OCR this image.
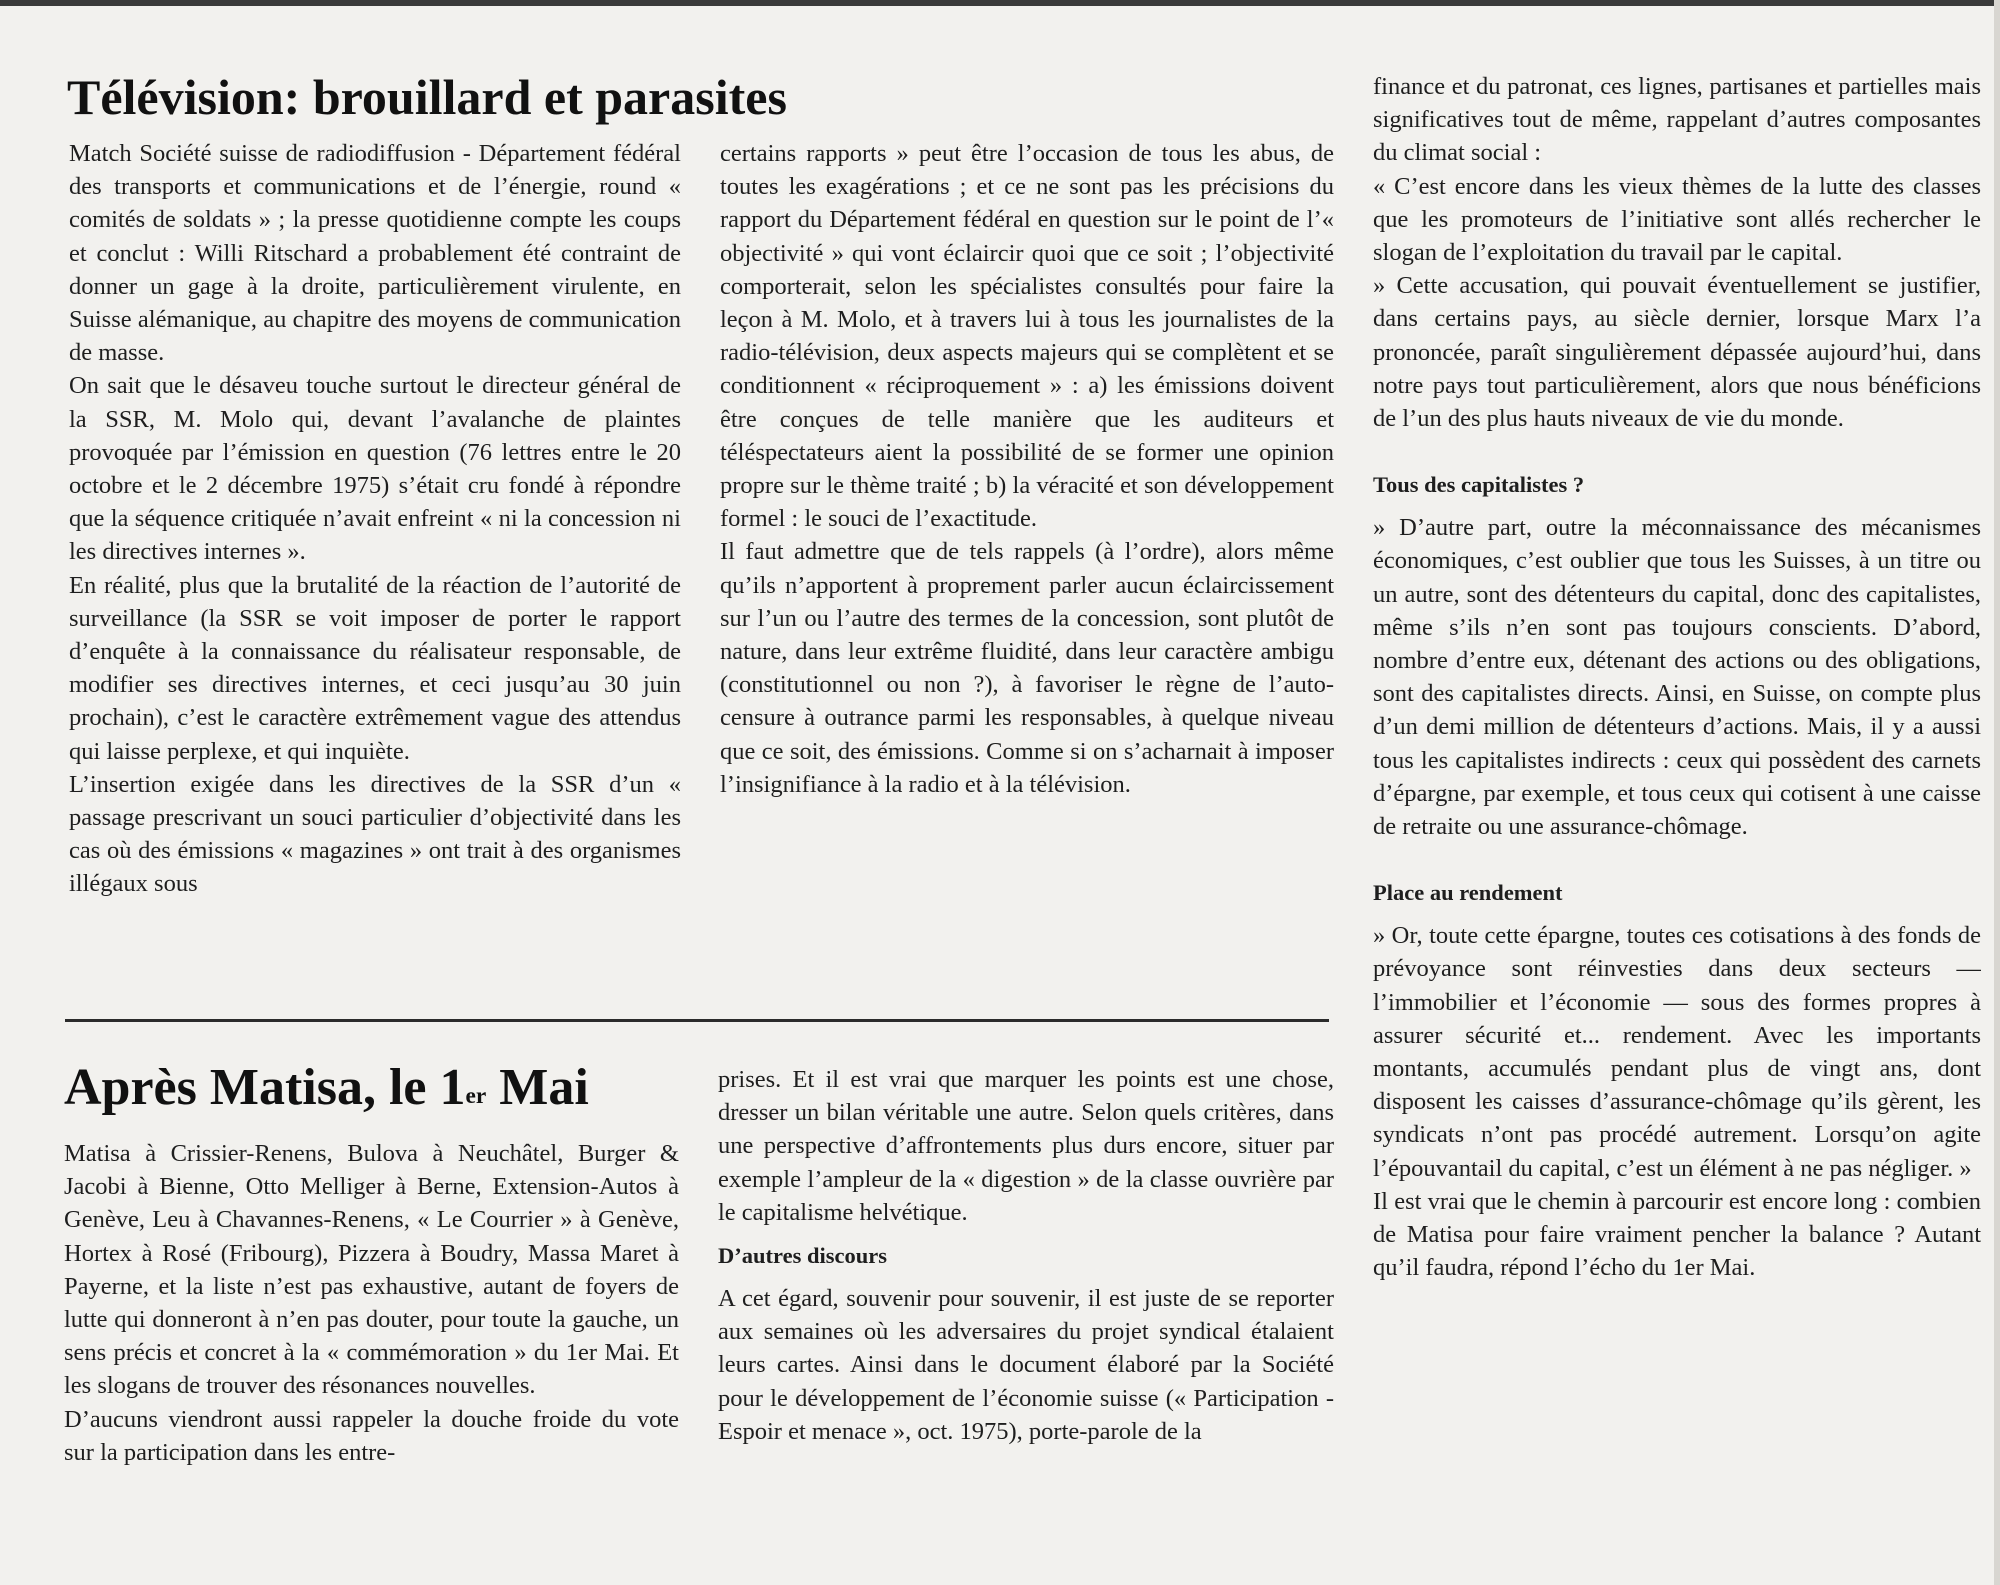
Télévision: brouillard et parasites

Match Société suisse de radiodiffusion - Département fédéral des transports et communications et de l’énergie, round « comités de soldats » ; la presse quotidienne compte les coups et conclut : Willi Ritschard a probablement été contraint de donner un gage à la droite, particulièrement virulente, en Suisse alémanique, au chapitre des moyens de communication de masse.

On sait que le désaveu touche surtout le directeur général de la SSR, M. Molo qui, devant l’avalanche de plaintes provoquée par l’émission en question (76 lettres entre le 20 octobre et le 2 décembre 1975) s’était cru fondé à répondre que la séquence critiquée n’avait enfreint « ni la concession ni les directives internes ».

En réalité, plus que la brutalité de la réaction de l’autorité de surveillance (la SSR se voit imposer de porter le rapport d’enquête à la connaissance du réalisateur responsable, de modifier ses directives internes, et ceci jusqu’au 30 juin prochain), c’est le caractère extrêmement vague des attendus qui laisse perplexe, et qui inquiète.

L’insertion exigée dans les directives de la SSR d’un « passage prescrivant un souci particulier d’objectivité dans les cas où des émissions « magazines » ont trait à des organismes illégaux sous

certains rapports » peut être l’occasion de tous les abus, de toutes les exagérations ; et ce ne sont pas les précisions du rapport du Département fédéral en question sur le point de l’« objectivité » qui vont éclaircir quoi que ce soit ; l’objectivité comporterait, selon les spécialistes consultés pour faire la leçon à M. Molo, et à travers lui à tous les journalistes de la radio-télévision, deux aspects majeurs qui se complètent et se conditionnent « réciproquement » : a) les émissions doivent être conçues de telle manière que les auditeurs et téléspectateurs aient la possibilité de se former une opinion propre sur le thème traité ; b) la véracité et son développement formel : le souci de l’exactitude.

Il faut admettre que de tels rappels (à l’ordre), alors même qu’ils n’apportent à proprement parler aucun éclaircissement sur l’un ou l’autre des termes de la concession, sont plutôt de nature, dans leur extrême fluidité, dans leur caractère ambigu (constitutionnel ou non ?), à favoriser le règne de l’auto-censure à outrance parmi les responsables, à quelque niveau que ce soit, des émissions. Comme si on s’acharnait à imposer l’insignifiance à la radio et à la télévision.

Après Matisa, le 1er Mai

Matisa à Crissier-Renens, Bulova à Neuchâtel, Burger & Jacobi à Bienne, Otto Melliger à Berne, Extension-Autos à Genève, Leu à Chavannes-Renens, « Le Courrier » à Genève, Hortex à Rosé (Fribourg), Pizzera à Boudry, Massa Maret à Payerne, et la liste n’est pas exhaustive, autant de foyers de lutte qui donneront à n’en pas douter, pour toute la gauche, un sens précis et concret à la « commémoration » du 1er Mai. Et les slogans de trouver des résonances nouvelles.

D’aucuns viendront aussi rappeler la douche froide du vote sur la participation dans les entre-

prises. Et il est vrai que marquer les points est une chose, dresser un bilan véritable une autre. Selon quels critères, dans une perspective d’affrontements plus durs encore, situer par exemple l’ampleur de la « digestion » de la classe ouvrière par le capitalisme helvétique.

D’autres discours

A cet égard, souvenir pour souvenir, il est juste de se reporter aux semaines où les adversaires du projet syndical étalaient leurs cartes. Ainsi dans le document élaboré par la Société pour le développement de l’économie suisse (« Participation - Espoir et menace », oct. 1975), porte-parole de la

finance et du patronat, ces lignes, partisanes et partielles mais significatives tout de même, rappelant d’autres composantes du climat social :

« C’est encore dans les vieux thèmes de la lutte des classes que les promoteurs de l’initiative sont allés rechercher le slogan de l’exploitation du travail par le capital.

» Cette accusation, qui pouvait éventuellement se justifier, dans certains pays, au siècle dernier, lorsque Marx l’a prononcée, paraît singulièrement dépassée aujourd’hui, dans notre pays tout particulièrement, alors que nous bénéficions de l’un des plus hauts niveaux de vie du monde.

Tous des capitalistes ?

» D’autre part, outre la méconnaissance des mécanismes économiques, c’est oublier que tous les Suisses, à un titre ou un autre, sont des détenteurs du capital, donc des capitalistes, même s’ils n’en sont pas toujours conscients. D’abord, nombre d’entre eux, détenant des actions ou des obligations, sont des capitalistes directs. Ainsi, en Suisse, on compte plus d’un demi million de détenteurs d’actions. Mais, il y a aussi tous les capitalistes indirects : ceux qui possèdent des carnets d’épargne, par exemple, et tous ceux qui cotisent à une caisse de retraite ou une assurance-chômage.

Place au rendement

» Or, toute cette épargne, toutes ces cotisations à des fonds de prévoyance sont réinvesties dans deux secteurs — l’immobilier et l’économie — sous des formes propres à assurer sécurité et... rendement. Avec les importants montants, accumulés pendant plus de vingt ans, dont disposent les caisses d’assurance-chômage qu’ils gèrent, les syndicats n’ont pas procédé autrement. Lorsqu’on agite l’épouvantail du capital, c’est un élément à ne pas négliger. »

Il est vrai que le chemin à parcourir est encore long : combien de Matisa pour faire vraiment pencher la balance ? Autant qu’il faudra, répond l’écho du 1er Mai.
